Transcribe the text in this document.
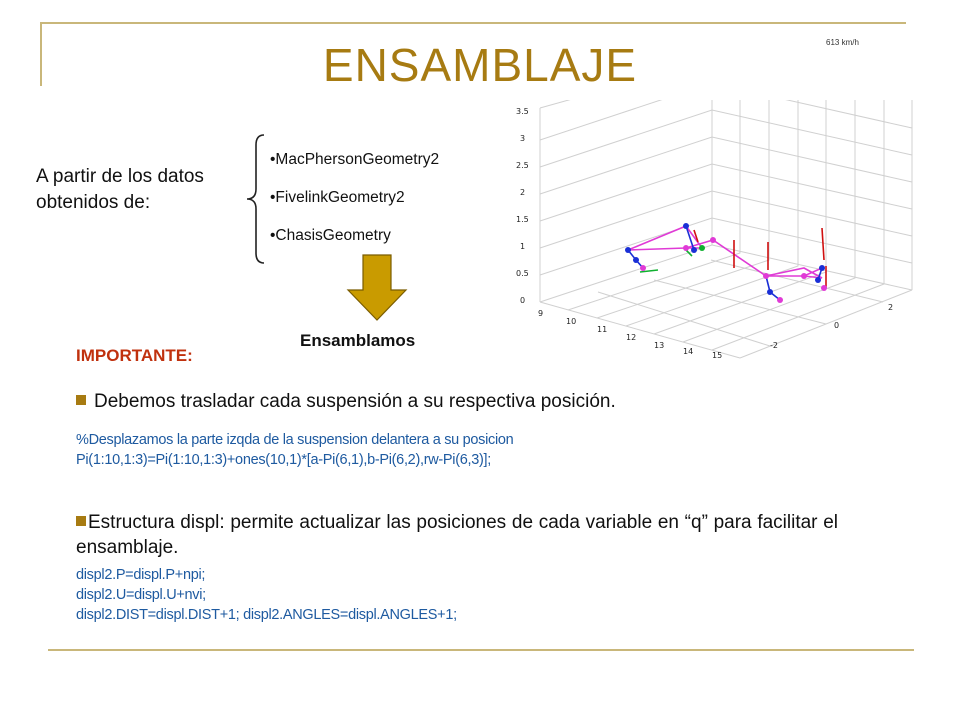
ENSAMBLAJE	613 km/h
A partir de los datos
obtenidos de:
•MacPhersonGeometry2
•FivelinkGeometry2
•ChasisGeometry
Ensamblamos
0
0.5
1
1.5
2
2.5
3
3.5
9
10
11
12
13
14 15
-2
0
2
IMPORTANTE:
Debemos trasladar cada suspensión a su respectiva posición.
%Desplazamos la parte izqda de la suspension delantera a su posicion
Pi(1:10,1:3)=Pi(1:10,1:3)+ones(10,1)*[a-Pi(6,1),b-Pi(6,2),rw-Pi(6,3)];
Estructura displ: permite actualizar las posiciones de cada variable en “q” para facilitar el ensamblaje.
displ2.P=displ.P+npi;
displ2.U=displ.U+nvi;
displ2.DIST=displ.DIST+1; displ2.ANGLES=displ.ANGLES+1;
